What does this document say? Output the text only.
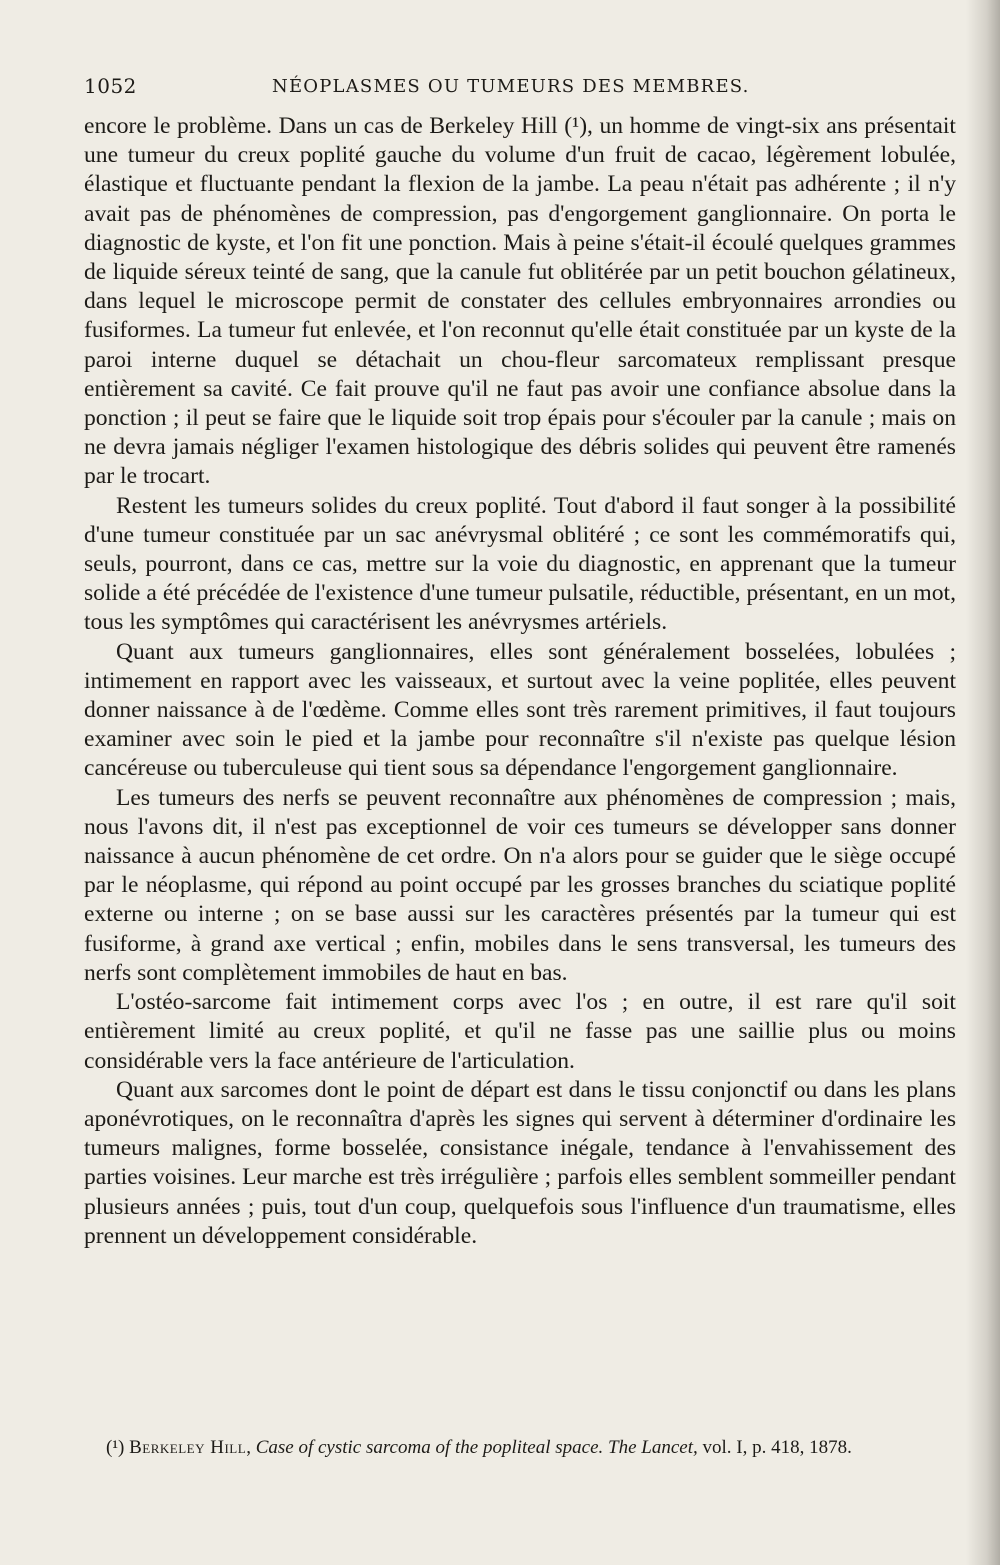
1052	NÉOPLASMES OU TUMEURS DES MEMBRES.

encore le problème. Dans un cas de Berkeley Hill (¹), un homme de vingt-six ans présentait une tumeur du creux poplité gauche du volume d'un fruit de cacao, légèrement lobulée, élastique et fluctuante pendant la flexion de la jambe. La peau n'était pas adhérente ; il n'y avait pas de phénomènes de compression, pas d'engorgement ganglionnaire. On porta le diagnostic de kyste, et l'on fit une ponction. Mais à peine s'était-il écoulé quelques grammes de liquide séreux teinté de sang, que la canule fut oblitérée par un petit bouchon gélatineux, dans lequel le microscope permit de constater des cellules embryonnaires arrondies ou fusiformes. La tumeur fut enlevée, et l'on reconnut qu'elle était constituée par un kyste de la paroi interne duquel se détachait un chou-fleur sarcomateux remplissant presque entièrement sa cavité. Ce fait prouve qu'il ne faut pas avoir une confiance absolue dans la ponction ; il peut se faire que le liquide soit trop épais pour s'écouler par la canule ; mais on ne devra jamais négliger l'examen histologique des débris solides qui peuvent être ramenés par le trocart.

Restent les tumeurs solides du creux poplité. Tout d'abord il faut songer à la possibilité d'une tumeur constituée par un sac anévrysmal oblitéré ; ce sont les commémoratifs qui, seuls, pourront, dans ce cas, mettre sur la voie du diagnostic, en apprenant que la tumeur solide a été précédée de l'existence d'une tumeur pulsatile, réductible, présentant, en un mot, tous les symptômes qui caractérisent les anévrysmes artériels.

Quant aux tumeurs ganglionnaires, elles sont généralement bosselées, lobulées ; intimement en rapport avec les vaisseaux, et surtout avec la veine poplitée, elles peuvent donner naissance à de l'œdème. Comme elles sont très rarement primitives, il faut toujours examiner avec soin le pied et la jambe pour reconnaître s'il n'existe pas quelque lésion cancéreuse ou tuberculeuse qui tient sous sa dépendance l'engorgement ganglionnaire.

Les tumeurs des nerfs se peuvent reconnaître aux phénomènes de compression ; mais, nous l'avons dit, il n'est pas exceptionnel de voir ces tumeurs se développer sans donner naissance à aucun phénomène de cet ordre. On n'a alors pour se guider que le siège occupé par le néoplasme, qui répond au point occupé par les grosses branches du sciatique poplité externe ou interne ; on se base aussi sur les caractères présentés par la tumeur qui est fusiforme, à grand axe vertical ; enfin, mobiles dans le sens transversal, les tumeurs des nerfs sont complètement immobiles de haut en bas.

L'ostéo-sarcome fait intimement corps avec l'os ; en outre, il est rare qu'il soit entièrement limité au creux poplité, et qu'il ne fasse pas une saillie plus ou moins considérable vers la face antérieure de l'articulation.

Quant aux sarcomes dont le point de départ est dans le tissu conjonctif ou dans les plans aponévrotiques, on le reconnaîtra d'après les signes qui servent à déterminer d'ordinaire les tumeurs malignes, forme bosselée, consistance inégale, tendance à l'envahissement des parties voisines. Leur marche est très irrégulière ; parfois elles semblent sommeiller pendant plusieurs années ; puis, tout d'un coup, quelquefois sous l'influence d'un traumatisme, elles prennent un développement considérable.

(¹) Berkeley Hill, Case of cystic sarcoma of the popliteal space. The Lancet, vol. I, p. 418, 1878.
